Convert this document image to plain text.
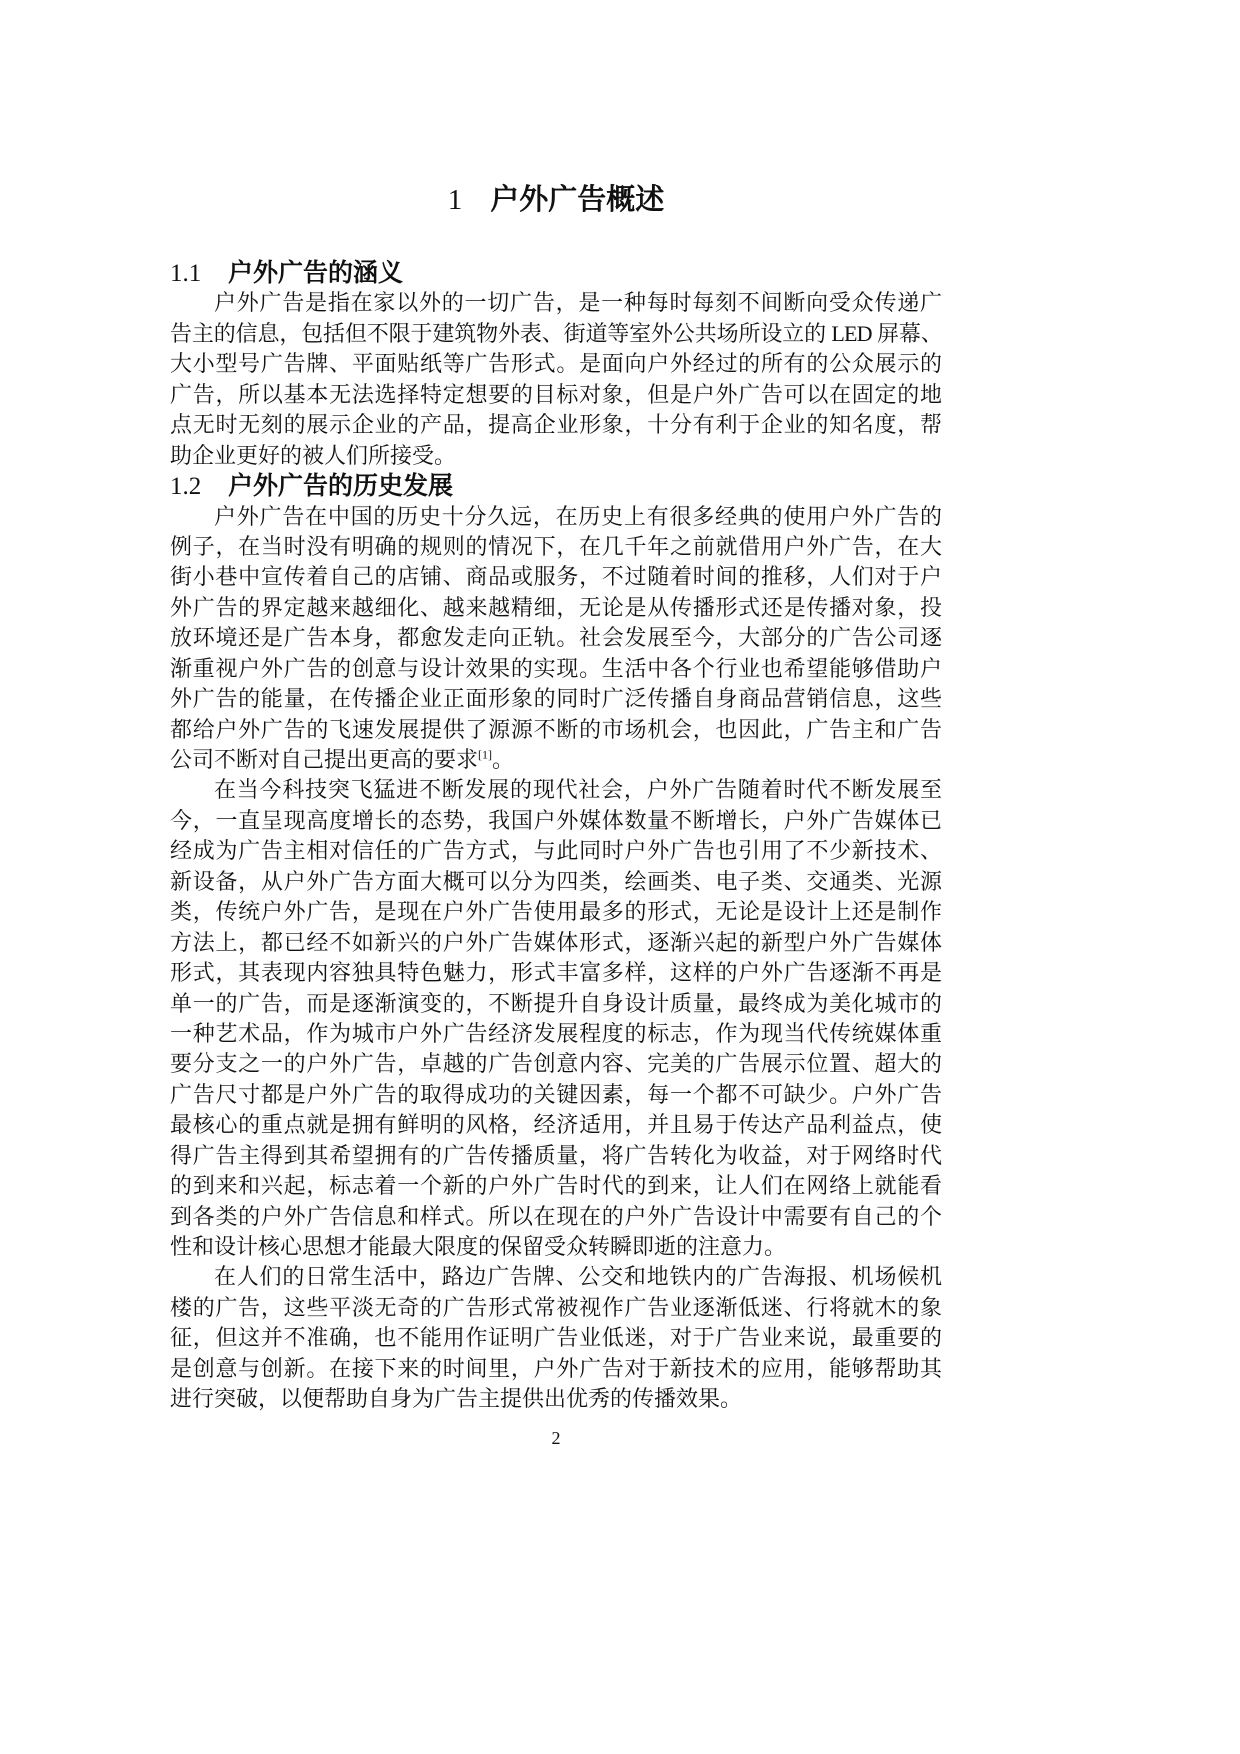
1 户外广告概述
1.1 户外广告的涵义
户外广告是指在家以外的一切广告，是一种每时每刻不间断向受众传递广
告主的信息，包括但不限于建筑物外表、街道等室外公共场所设立的 LED 屏幕、
大小型号广告牌、平面贴纸等广告形式。是面向户外经过的所有的公众展示的
广告，所以基本无法选择特定想要的目标对象，但是户外广告可以在固定的地
点无时无刻的展示企业的产品，提高企业形象，十分有利于企业的知名度，帮
助企业更好的被人们所接受。
1.2 户外广告的历史发展
户外广告在中国的历史十分久远，在历史上有很多经典的使用户外广告的
例子，在当时没有明确的规则的情况下，在几千年之前就借用户外广告，在大
街小巷中宣传着自己的店铺、商品或服务，不过随着时间的推移，人们对于户
外广告的界定越来越细化、越来越精细，无论是从传播形式还是传播对象，投
放环境还是广告本身，都愈发走向正轨。社会发展至今，大部分的广告公司逐
渐重视户外广告的创意与设计效果的实现。生活中各个行业也希望能够借助户
外广告的能量，在传播企业正面形象的同时广泛传播自身商品营销信息，这些
都给户外广告的飞速发展提供了源源不断的市场机会，也因此，广告主和广告
公司不断对自己提出更高的要求[1]。
在当今科技突飞猛进不断发展的现代社会，户外广告随着时代不断发展至
今，一直呈现高度增长的态势，我国户外媒体数量不断增长，户外广告媒体已
经成为广告主相对信任的广告方式，与此同时户外广告也引用了不少新技术、
新设备，从户外广告方面大概可以分为四类，绘画类、电子类、交通类、光源
类，传统户外广告，是现在户外广告使用最多的形式，无论是设计上还是制作
方法上，都已经不如新兴的户外广告媒体形式，逐渐兴起的新型户外广告媒体
形式，其表现内容独具特色魅力，形式丰富多样，这样的户外广告逐渐不再是
单一的广告，而是逐渐演变的，不断提升自身设计质量，最终成为美化城市的
一种艺术品，作为城市户外广告经济发展程度的标志，作为现当代传统媒体重
要分支之一的户外广告，卓越的广告创意内容、完美的广告展示位置、超大的
广告尺寸都是户外广告的取得成功的关键因素，每一个都不可缺少。户外广告
最核心的重点就是拥有鲜明的风格，经济适用，并且易于传达产品利益点，使
得广告主得到其希望拥有的广告传播质量，将广告转化为收益，对于网络时代
的到来和兴起，标志着一个新的户外广告时代的到来，让人们在网络上就能看
到各类的户外广告信息和样式。所以在现在的户外广告设计中需要有自己的个
性和设计核心思想才能最大限度的保留受众转瞬即逝的注意力。
在人们的日常生活中，路边广告牌、公交和地铁内的广告海报、机场候机
楼的广告，这些平淡无奇的广告形式常被视作广告业逐渐低迷、行将就木的象
征，但这并不准确，也不能用作证明广告业低迷，对于广告业来说，最重要的
是创意与创新。在接下来的时间里，户外广告对于新技术的应用，能够帮助其
进行突破，以便帮助自身为广告主提供出优秀的传播效果。
2
